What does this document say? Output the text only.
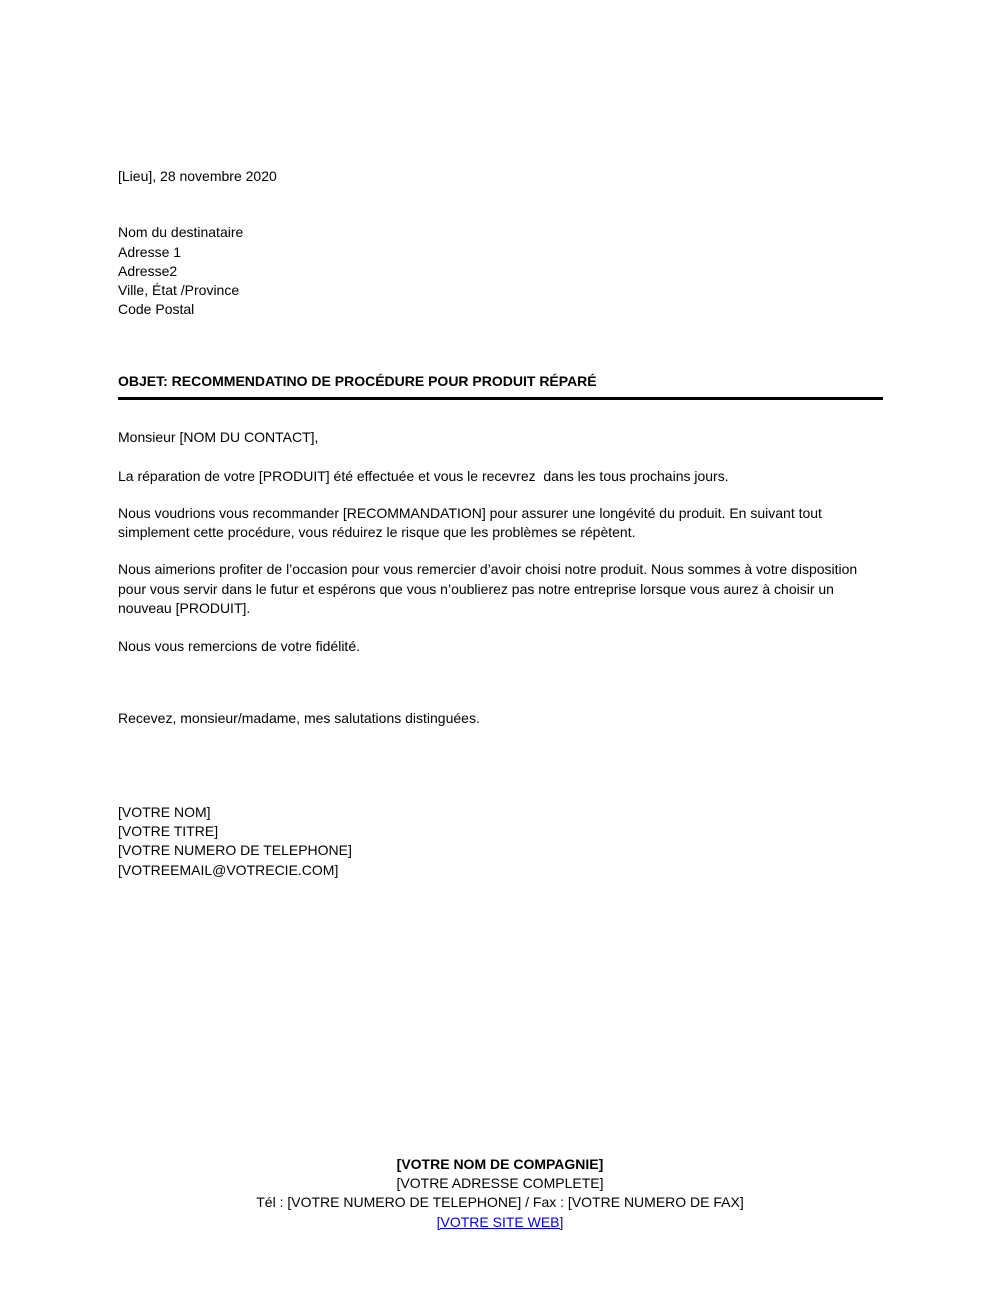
[Lieu], 28 novembre 2020
Nom du destinataire
Adresse 1
Adresse2
Ville, État /Province
Code Postal
OBJET: RECOMMENDATINO DE PROCÉDURE POUR PRODUIT RÉPARÉ
Monsieur [NOM DU CONTACT],
La réparation de votre [PRODUIT] été effectuée et vous le recevrez  dans les tous prochains jours.
Nous voudrions vous recommander [RECOMMANDATION] pour assurer une longévité du produit. En suivant tout simplement cette procédure, vous réduirez le risque que les problèmes se répètent.
Nous aimerions profiter de l’occasion pour vous remercier d’avoir choisi notre produit. Nous sommes à votre disposition pour vous servir dans le futur et espérons que vous n’oublierez pas notre entreprise lorsque vous aurez à choisir un nouveau [PRODUIT].
Nous vous remercions de votre fidélité.
Recevez, monsieur/madame, mes salutations distinguées.
[VOTRE NOM]
[VOTRE TITRE]
[VOTRE NUMERO DE TELEPHONE]
[VOTREEMAIL@VOTRECIE.COM]
[VOTRE NOM DE COMPAGNIE]
[VOTRE ADRESSE COMPLETE]
Tél : [VOTRE NUMERO DE TELEPHONE] / Fax : [VOTRE NUMERO DE FAX]
[VOTRE SITE WEB]
